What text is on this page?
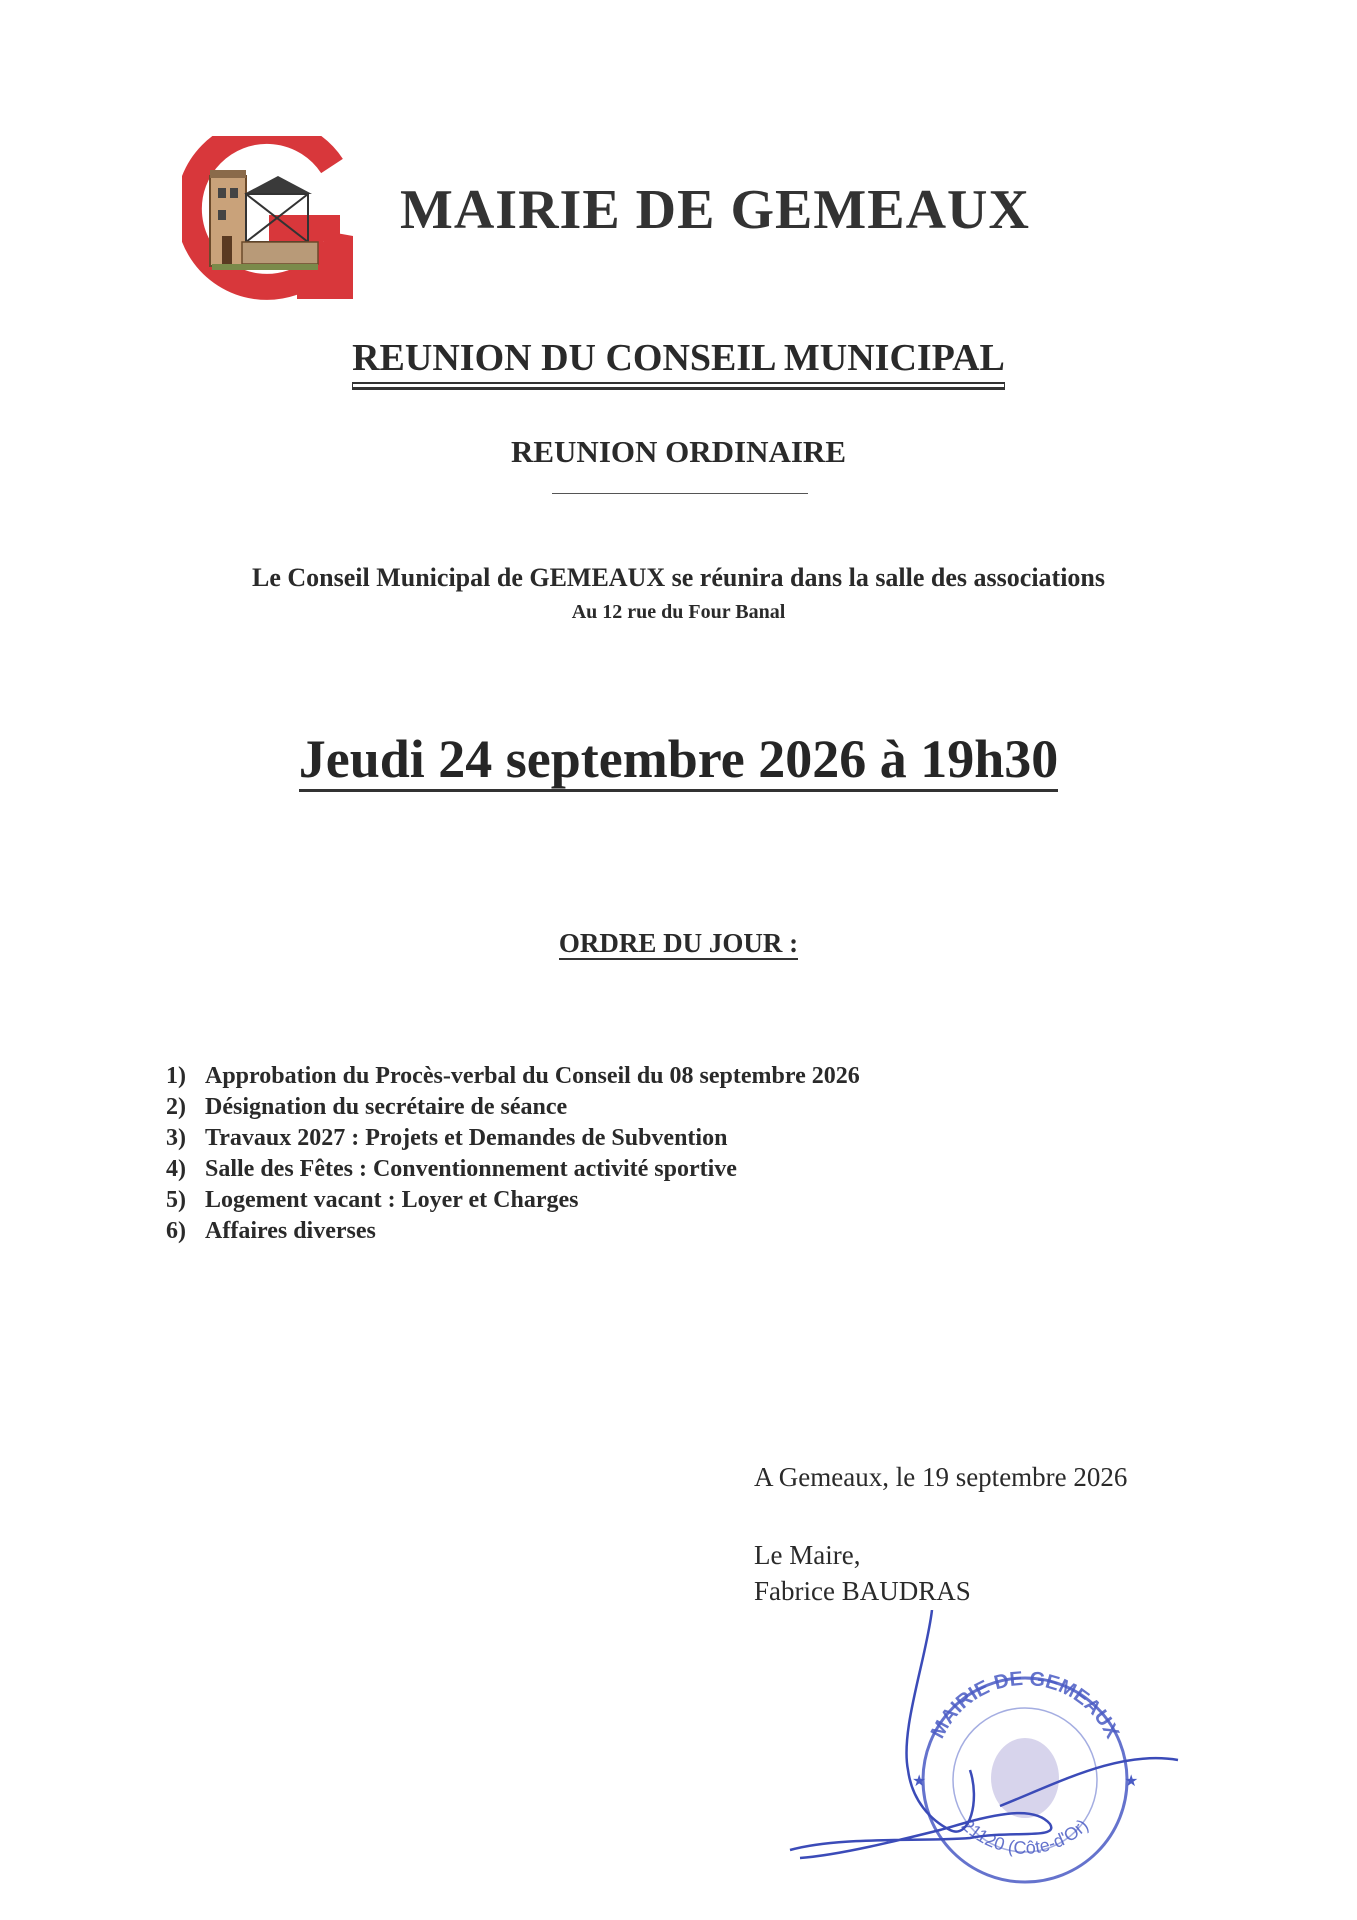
MAIRIE DE GEMEAUX
REUNION DU CONSEIL MUNICIPAL
REUNION ORDINAIRE
Le Conseil Municipal de GEMEAUX se réunira dans la salle des associations
Au 12 rue du Four Banal
Jeudi 24 septembre 2026 à 19h30
ORDRE DU JOUR :
1) Approbation du Procès-verbal du Conseil du 08 septembre 2026
2) Désignation du secrétaire de séance
3) Travaux 2027 : Projets et Demandes de Subvention
4) Salle des Fêtes : Conventionnement activité sportive
5) Logement vacant : Loyer et Charges
6) Affaires diverses
A Gemeaux, le 19 septembre 2026
Le Maire,
Fabrice BAUDRAS
MAIRIE DE GEMEAUX
21120 (Côte-d'Or)
★	★
